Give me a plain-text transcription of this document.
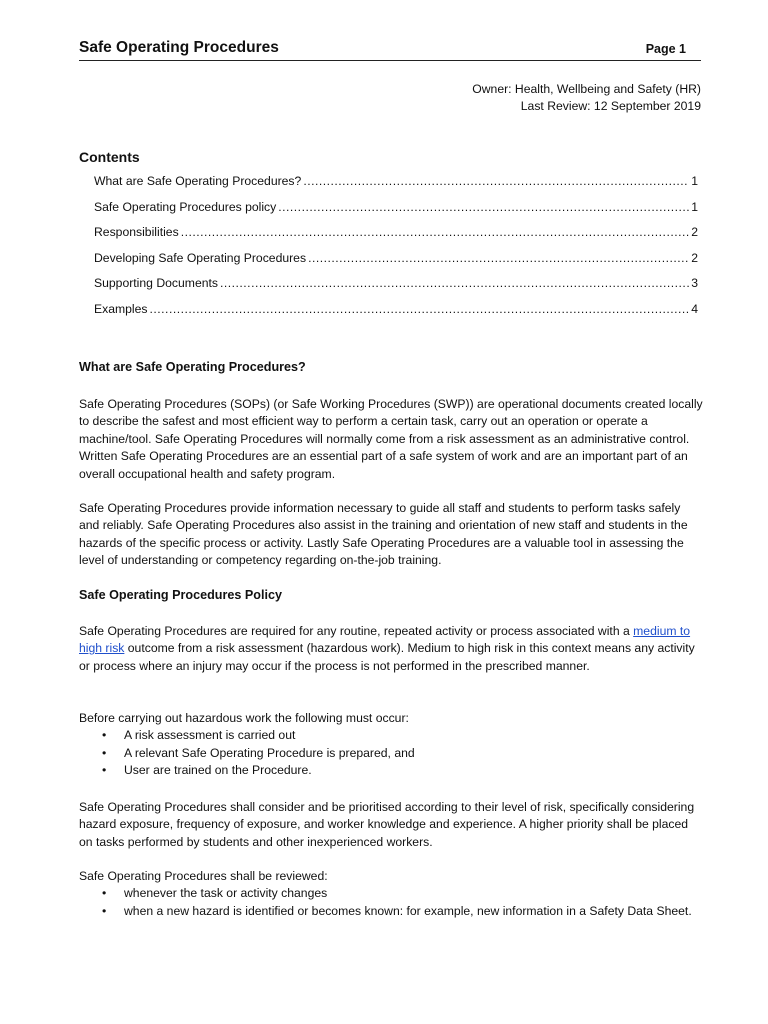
Safe Operating Procedures	Page 1
Owner: Health, Wellbeing and Safety (HR)
Last Review: 12 September 2019
Contents
What are Safe Operating Procedures? .....	1
Safe Operating Procedures policy .....	1
Responsibilities .....	2
Developing Safe Operating Procedures .....	2
Supporting Documents .....	3
Examples .....	4
What are Safe Operating Procedures?

Safe Operating Procedures (SOPs) (or Safe Working Procedures (SWP)) are operational documents created locally to describe the safest and most efficient way to perform a certain task, carry out an operation or operate a machine/tool. Safe Operating Procedures will normally come from a risk assessment as an administrative control. Written Safe Operating Procedures are an essential part of a safe system of work and are an important part of an overall occupational health and safety program.

Safe Operating Procedures provide information necessary to guide all staff and students to perform tasks safely and reliably. Safe Operating Procedures also assist in the training and orientation of new staff and students in the hazards of the specific process or activity. Lastly Safe Operating Procedures are a valuable tool in assessing the level of understanding or competency regarding on-the-job training.

Safe Operating Procedures Policy

Safe Operating Procedures are required for any routine, repeated activity or process associated with a medium to high risk outcome from a risk assessment (hazardous work). Medium to high risk in this context means any activity or process where an injury may occur if the process is not performed in the prescribed manner.

Before carrying out hazardous work the following must occur:

• A risk assessment is carried out
• A relevant Safe Operating Procedure is prepared, and
• User are trained on the Procedure.

Safe Operating Procedures shall consider and be prioritised according to their level of risk, specifically considering hazard exposure, frequency of exposure, and worker knowledge and experience. A higher priority shall be placed on tasks performed by students and other inexperienced workers.

Safe Operating Procedures shall be reviewed:

• whenever the task or activity changes
• when a new hazard is identified or becomes known: for example, new information in a Safety Data Sheet.
